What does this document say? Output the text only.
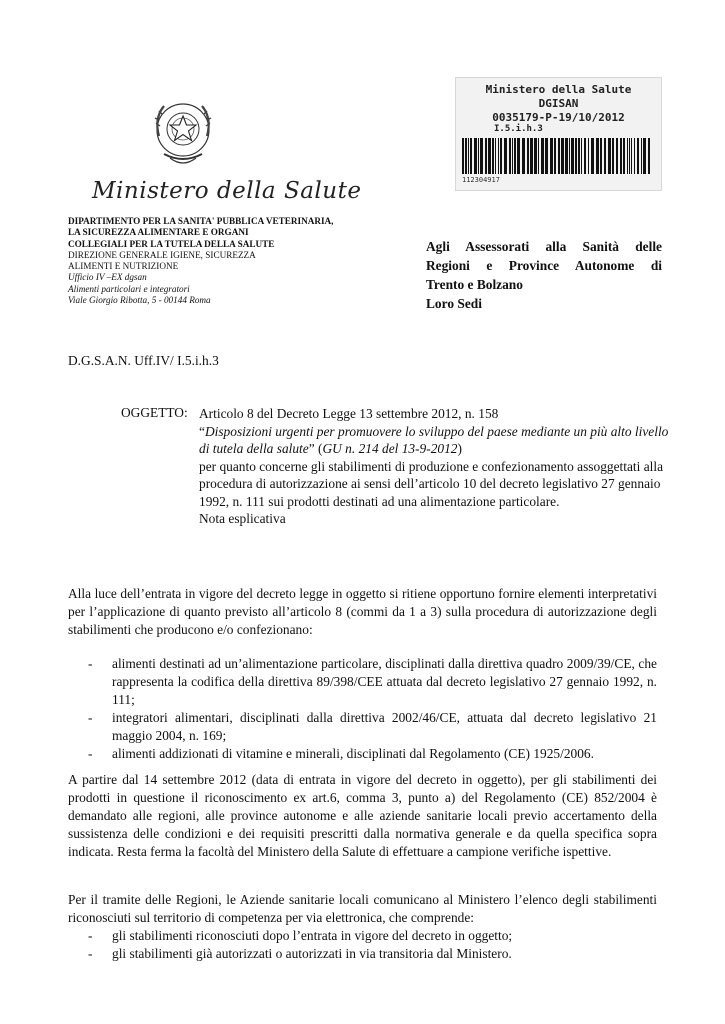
Ministero della Salute
Ministero della Salute
DGISAN
0035179-P-19/10/2012
I.5.i.h.3
112304917
DIPARTIMENTO PER LA SANITA' PUBBLICA VETERINARIA,
LA SICUREZZA ALIMENTARE E ORGANI
COLLEGIALI PER LA TUTELA DELLA SALUTE
DIREZIONE GENERALE IGIENE, SICUREZZA
ALIMENTI E NUTRIZIONE
Ufficio IV –EX dgsan
Alimenti particolari e integratori
Viale Giorgio Ribotta, 5 - 00144 Roma
Agli Assessorati alla Sanità delle
Regioni e Province Autonome di
Trento e Bolzano
Loro Sedi
D.G.S.A.N. Uff.IV/ I.5.i.h.3
OGGETTO: Articolo 8 del Decreto Legge 13 settembre 2012, n. 158
“Disposizioni urgenti per promuovere lo sviluppo del paese mediante un più alto livello di tutela della salute” (GU n. 214 del 13-9-2012)
per quanto concerne gli stabilimenti di produzione e confezionamento assoggettati alla procedura di autorizzazione ai sensi dell’articolo 10 del decreto legislativo 27 gennaio 1992, n. 111 sui prodotti destinati ad una alimentazione particolare.
Nota esplicativa
Alla luce dell’entrata in vigore del decreto legge in oggetto si ritiene opportuno fornire elementi interpretativi per l’applicazione di quanto previsto all’articolo 8 (commi da 1 a 3) sulla procedura di autorizzazione degli stabilimenti che producono e/o confezionano:
- alimenti destinati ad un’alimentazione particolare, disciplinati dalla direttiva quadro 2009/39/CE, che rappresenta la codifica della direttiva 89/398/CEE attuata dal decreto legislativo 27 gennaio 1992, n. 111;
- integratori alimentari, disciplinati dalla direttiva 2002/46/CE, attuata dal decreto legislativo 21 maggio 2004, n. 169;
- alimenti addizionati di vitamine e minerali, disciplinati dal Regolamento (CE) 1925/2006.
A partire dal 14 settembre 2012 (data di entrata in vigore del decreto in oggetto), per gli stabilimenti dei prodotti in questione il riconoscimento ex art.6, comma 3, punto a) del Regolamento (CE) 852/2004 è demandato alle regioni, alle province autonome e alle aziende sanitarie locali previo accertamento della sussistenza delle condizioni e dei requisiti prescritti dalla normativa generale e da quella specifica sopra indicata. Resta ferma la facoltà del Ministero della Salute di effettuare a campione verifiche ispettive.
Per il tramite delle Regioni, le Aziende sanitarie locali comunicano al Ministero l’elenco degli stabilimenti riconosciuti sul territorio di competenza per via elettronica, che comprende:
- gli stabilimenti riconosciuti dopo l’entrata in vigore del decreto in oggetto;
- gli stabilimenti già autorizzati o autorizzati in via transitoria dal Ministero.
